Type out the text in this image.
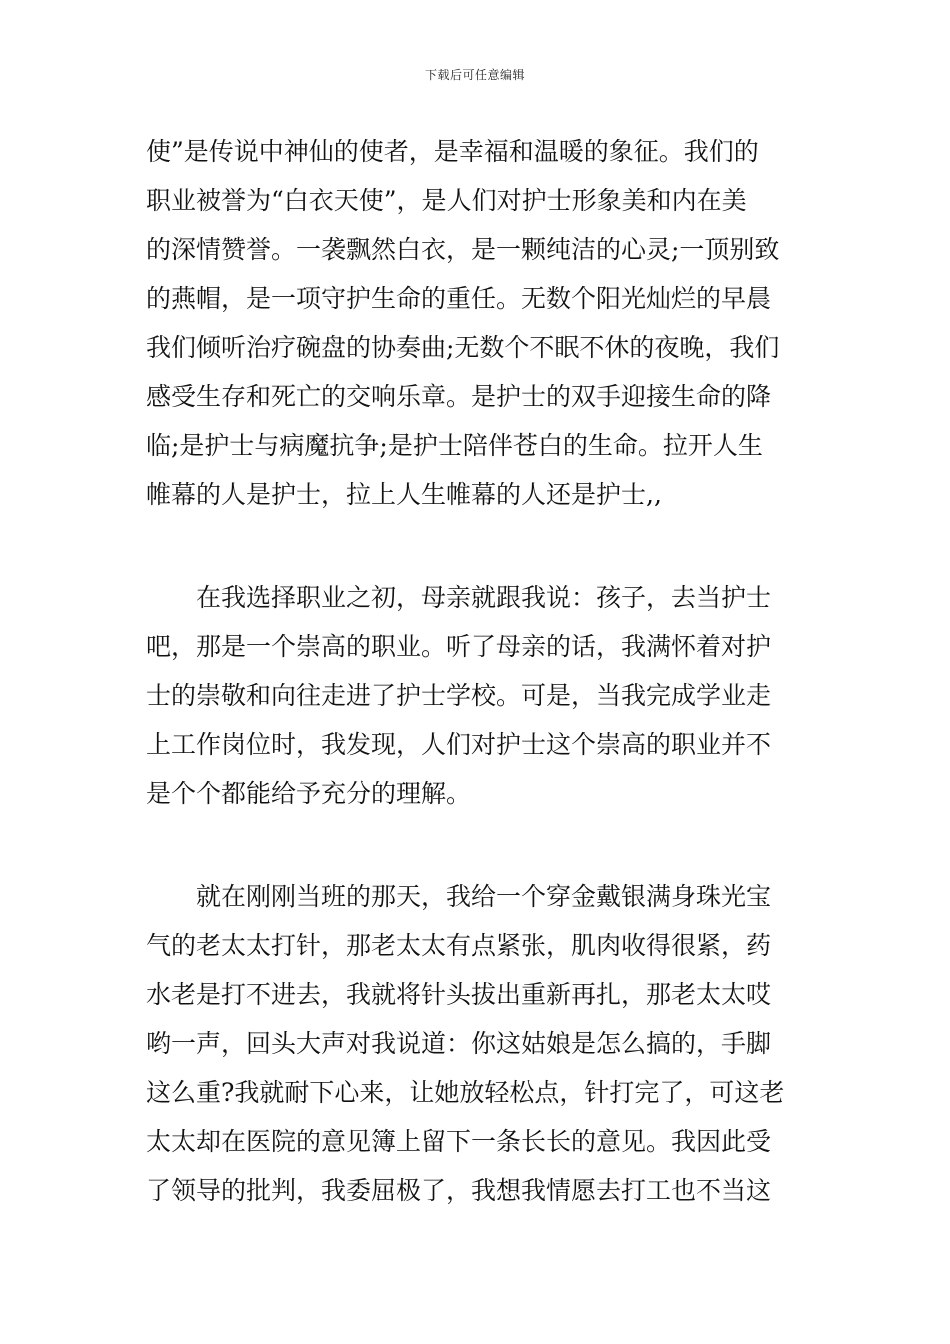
下载后可任意编辑
使”是传说中神仙的使者，是幸福和温暖的象征。我们的
职业被誉为“白衣天使”，是人们对护士形象美和内在美
的深情赞誉。一袭飘然白衣，是一颗纯洁的心灵;一顶别致
的燕帽，是一项守护生命的重任。无数个阳光灿烂的早晨
我们倾听治疗碗盘的协奏曲;无数个不眠不休的夜晚，我们
感受生存和死亡的交响乐章。是护士的双手迎接生命的降
临;是护士与病魔抗争;是护士陪伴苍白的生命。拉开人生
帷幕的人是护士，拉上人生帷幕的人还是护士,,
　　在我选择职业之初，母亲就跟我说：孩子，去当护士
吧，那是一个崇高的职业。听了母亲的话，我满怀着对护
士的崇敬和向往走进了护士学校。可是，当我完成学业走
上工作岗位时，我发现，人们对护士这个崇高的职业并不
是个个都能给予充分的理解。
　　就在刚刚当班的那天，我给一个穿金戴银满身珠光宝
气的老太太打针，那老太太有点紧张，肌肉收得很紧，药
水老是打不进去，我就将针头拔出重新再扎，那老太太哎
哟一声，回头大声对我说道：你这姑娘是怎么搞的，手脚
这么重?我就耐下心来，让她放轻松点，针打完了，可这老
太太却在医院的意见簿上留下一条长长的意见。我因此受
了领导的批判，我委屈极了，我想我情愿去打工也不当这
